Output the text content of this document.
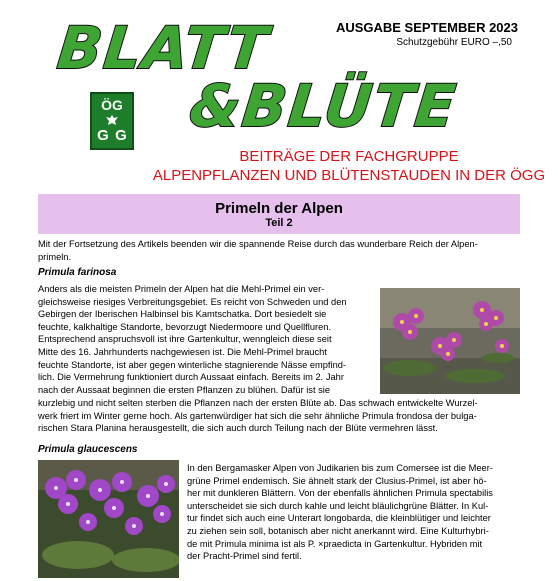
BLATT
&BLÜTE
AUSGABE SEPTEMBER 2023
Schutzgebühr EURO –,50
ÖG
G G
BEITRÄGE DER FACHGRUPPE
ALPENPFLANZEN UND BLÜTENSTAUDEN IN DER ÖGG
Primeln der Alpen
Teil 2
Mit der Fortsetzung des Artikels beenden wir die spannende Reise durch das wunderbare Reich der Alpen-
primeln.
Primula farinosa
Anders als die meisten Primeln der Alpen hat die Mehl-Primel ein ver-
gleichsweise riesiges Verbreitungsgebiet. Es reicht von Schweden und den
Gebirgen der Iberischen Halbinsel bis Kamtschatka. Dort besiedelt sie
feuchte, kalkhaltige Standorte, bevorzugt Niedermoore und Quellfluren.
Entsprechend anspruchsvoll ist ihre Gartenkultur, wenngleich diese seit
Mitte des 16. Jahrhunderts nachgewiesen ist. Die Mehl-Primel braucht
feuchte Standorte, ist aber gegen winterliche stagnierende Nässe empfind-
lich. Die Vermehrung funktioniert durch Aussaat einfach. Bereits im 2. Jahr
nach der Aussaat beginnen die ersten Pflanzen zu blühen. Dafür ist sie
kurzlebig und nicht selten sterben die Pflanzen nach der ersten Blüte ab. Das schwach entwickelte Wurzel-
werk friert im Winter gerne hoch. Als gartenwürdiger hat sich die sehr ähnliche Primula frondosa der bulga-
rischen Stara Planina herausgestellt, die sich auch durch Teilung nach der Blüte vermehren lässt.
Primula glaucescens
In den Bergamasker Alpen von Judikarien bis zum Comersee ist die Meer-
grüne Primel endemisch. Sie ähnelt stark der Clusius-Primel, ist aber hö-
her mit dunkleren Blättern. Von der ebenfalls ähnlichen Primula spectabilis
unterscheidet sie sich durch kahle und leicht bläulichgrüne Blätter. In Kul-
tur findet sich auch eine Unterart longobarda, die kleinblütiger und leichter
zu ziehen sein soll, botanisch aber nicht anerkannt wird. Eine Kulturhybri-
de mit Primula minima ist als P. ×praedicta in Gartenkultur. Hybriden mit
der Pracht-Primel sind fertil.
